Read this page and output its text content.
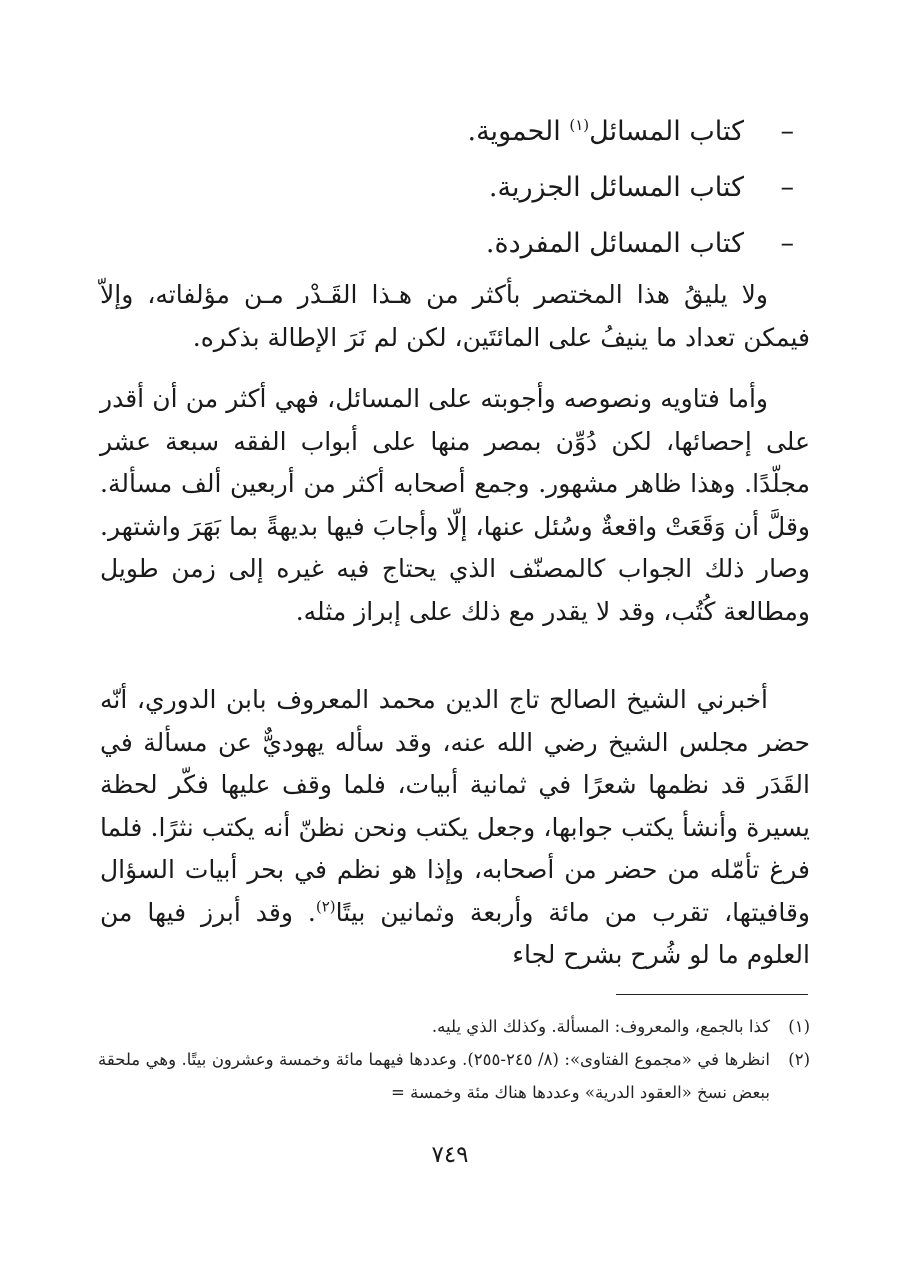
–
كتاب المسائل$^{(١)}$ الحموية.
–
كتاب المسائل الجزرية.
–
كتاب المسائل المفردة.

ولا يليقُ هذا المختصر بأكثر من هـذا القَـدْر مـن مؤلفاته، وإلاّ فيمكن تعداد ما ينيفُ على المائتَين، لكن لم نَرَ الإطالة بذكره.

وأما فتاويه ونصوصه وأجوبته على المسائل، فهي أكثر من أن أقدر على إحصائها، لكن دُوِّن بمصر منها على أبواب الفقه سبعة عشر مجلّدًا. وهذا ظاهر مشهور. وجمع أصحابه أكثر من أربعين ألف مسألة. وقلَّ أن وَقَعَتْ واقعةٌ وسُئل عنها، إلّا وأجابَ فيها بديهةً بما بَهَرَ واشتهر. وصار ذلك الجواب كالمصنّف الذي يحتاج فيه غيره إلى زمن طويل ومطالعة كُتُب، وقد لا يقدر مع ذلك على إبراز مثله.

أخبرني الشيخ الصالح تاج الدين محمد المعروف بابن الدوري، أنّه حضر مجلس الشيخ رضي الله عنه، وقد سأله يهوديٌّ عن مسألة في القَدَر قد نظمها شعرًا في ثمانية أبيات، فلما وقف عليها فكّر لحظة يسيرة وأنشأ يكتب جوابها، وجعل يكتب ونحن نظنّ أنه يكتب نثرًا. فلما فرغ تأمّله من حضر من أصحابه، وإذا هو نظم في بحر أبيات السؤال وقافيتها، تقرب من مائة وأربعة وثمانين بيتًا$^{(٢)}$. وقد أبرز فيها من العلوم ما لو شُرح بشرح لجاء

(١)
كذا بالجمع، والمعروف: المسألة. وكذلك الذي يليه.
(٢)
انظرها في «مجموع الفتاوى»: (٨/ ٢٤٥-٢٥٥). وعددها فيهما مائة وخمسة وعشرون بيتًا. وهي ملحقة ببعض نسخ «العقود الدرية» وعددها هناك مئة وخمسة =
٧٤٩
